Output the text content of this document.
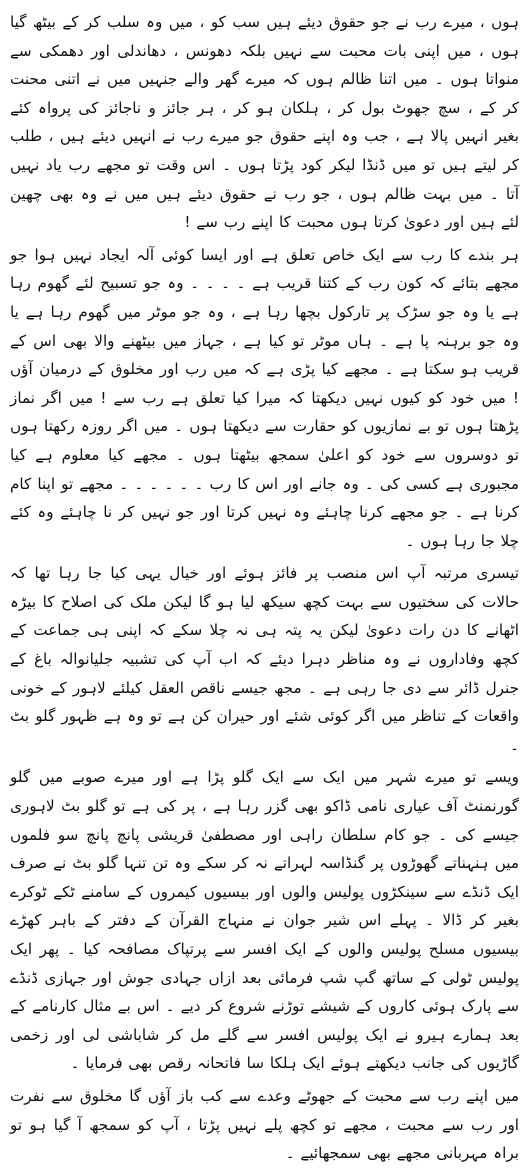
ہوں ، میرے رب نے جو حقوق دیئے ہیں سب کو ، میں وہ سلب کر کے بیٹھ گیا ہوں ، میں اپنی بات محبت سے نہیں بلکہ دھونس ، دھاندلی اور دھمکی سے منواتا ہوں ۔ میں اتنا ظالم ہوں کہ میرے گھر والے جنہیں میں نے اتنی محنت کر کے ، سچ جھوٹ بول کر ، ہلکان ہو کر ، ہر جائز و ناجائز کی پرواہ کئے بغیر انہیں پالا ہے ، جب وہ اپنے حقوق جو میرے رب نے انہیں دیئے ہیں ، طلب کر لیتے ہیں تو میں ڈنڈا لیکر کود پڑتا ہوں ۔ اس وقت تو مجھے رب یاد نہیں آتا ۔ میں بہت ظالم ہوں ، جو رب نے حقوق دیئے ہیں میں نے وہ بھی چھین لئے ہیں اور دعویٰ کرتا ہوں محبت کا اپنے رب سے !

ہر بندے کا رب سے ایک خاص تعلق ہے اور ایسا کوئی آلہ ایجاد نہیں ہوا جو مجھے بتائے کہ کون رب کے کتنا قریب ہے ۔ ۔ ۔ ۔ وہ جو تسبیح لئے گھوم رہا ہے یا وہ جو سڑک پر تارکول بچھا رہا ہے ، وہ جو موٹر میں گھوم رہا ہے یا وہ جو برہنہ پا ہے ۔ ہاں موٹر تو کیا ہے ، جہاز میں بیٹھنے والا بھی اس کے قریب ہو سکتا ہے ۔ مجھے کیا پڑی ہے کہ میں رب اور مخلوق کے درمیان آؤں ! میں خود کو کیوں نہیں دیکھتا کہ میرا کیا تعلق ہے رب سے ! میں اگر نماز پڑھتا ہوں تو بے نمازیوں کو حقارت سے دیکھتا ہوں ۔ میں اگر روزہ رکھتا ہوں تو دوسروں سے خود کو اعلیٰ سمجھ بیٹھتا ہوں ۔ مجھے کیا معلوم ہے کیا مجبوری ہے کسی کی ۔ وہ جانے اور اس کا رب ۔ ۔ ۔ ۔ ۔ ۔ مجھے تو اپنا کام کرنا ہے ۔ جو مجھے کرنا چاہئے وہ نہیں کرتا اور جو نہیں کر نا چاہئے وہ کئے چلا جا رہا ہوں ۔

تیسری مرتبہ آپ اس منصب پر فائز ہوئے اور خیال یہی کیا جا رہا تھا کہ حالات کی سختیوں سے بہت کچھ سیکھ لیا ہو گا لیکن ملک کی اصلاح کا بیڑہ اٹھانے کا دن رات دعویٰ لیکن یہ پتہ ہی نہ چلا سکے کہ اپنی ہی جماعت کے کچھ وفاداروں نے وہ مناظر دہرا دیئے کہ اب آپ کی تشبیہ جلیانوالہ باغ کے جنرل ڈائر سے دی جا رہی ہے ۔ مجھ جیسے ناقص العقل کیلئے لاہور کے خونی واقعات کے تناظر میں اگر کوئی شئے اور حیران کن ہے تو وہ ہے ظہور گلو بٹ ۔

ویسے تو میرے شہر میں ایک سے ایک گلو پڑا ہے اور میرے صوبے میں گلو گورنمنٹ آف عیاری نامی ڈاکو بھی گزر رہا ہے ، پر کی ہے تو گلو بٹ لاہوری جیسے کی ۔ جو کام سلطان راہی اور مصطفیٰ قریشی پانچ پانچ سو فلموں میں ہنہناتے گھوڑوں پر گنڈاسہ لہراتے نہ کر سکے وہ تن تنہا گلو بٹ نے صرف ایک ڈنڈے سے سینکڑوں پولیس والوں اور بیسیوں کیمروں کے سامنے ٹکے ٹوکرے بغیر کر ڈالا ۔ پہلے اس شیر جوان نے منہاج القرآن کے دفتر کے باہر کھڑے بیسیوں مسلح پولیس والوں کے ایک افسر سے پرتپاک مصافحہ کیا ۔ پھر ایک پولیس ٹولی کے ساتھ گپ شپ فرمائی بعد ازاں جہادی جوش اور جہازی ڈنڈے سے پارک ہوئی کاروں کے شیشے توڑنے شروع کر دیے ۔ اس بے مثال کارنامے کے بعد ہمارے ہیرو نے ایک پولیس افسر سے گلے مل کر شاباشی لی اور زخمی گاڑیوں کی جانب دیکھتے ہوئے ایک ہلکا سا فاتحانہ رقص بھی فرمایا ۔

میں اپنے رب سے محبت کے جھوٹے وعدے سے کب باز آؤں گا مخلوق سے نفرت اور رب سے محبت ، مجھے تو کچھ پلے نہیں پڑتا ، آپ کو سمجھ آ گیا ہو تو براہ مہربانی مجھے بھی سمجھائیے ۔
